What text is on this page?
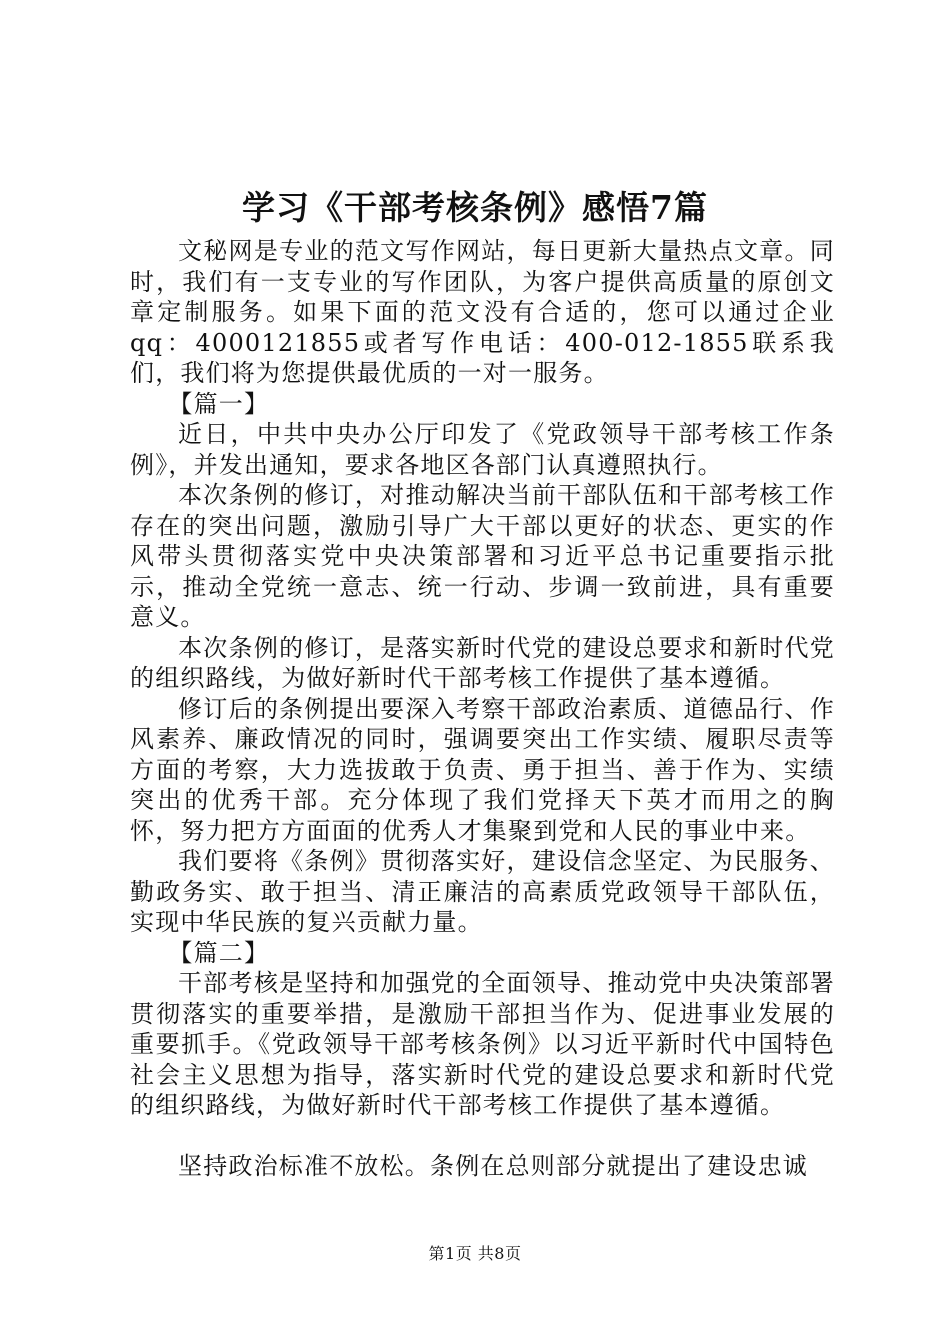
学习《干部考核条例》感悟7篇

文秘网是专业的范文写作网站，每日更新大量热点文章。同时，我们有一支专业的写作团队，为客户提供高质量的原创文章定制服务。如果下面的范文没有合适的，您可以通过企业qq：4000121855或者写作电话：400-012-1855联系我们，我们将为您提供最优质的一对一服务。

【篇一】

近日，中共中央办公厅印发了《党政领导干部考核工作条例》，并发出通知，要求各地区各部门认真遵照执行。

本次条例的修订，对推动解决当前干部队伍和干部考核工作存在的突出问题，激励引导广大干部以更好的状态、更实的作风带头贯彻落实党中央决策部署和习近平总书记重要指示批示，推动全党统一意志、统一行动、步调一致前进，具有重要意义。

本次条例的修订，是落实新时代党的建设总要求和新时代党的组织路线，为做好新时代干部考核工作提供了基本遵循。

修订后的条例提出要深入考察干部政治素质、道德品行、作风素养、廉政情况的同时，强调要突出工作实绩、履职尽责等方面的考察，大力选拔敢于负责、勇于担当、善于作为、实绩突出的优秀干部。充分体现了我们党择天下英才而用之的胸怀，努力把方方面面的优秀人才集聚到党和人民的事业中来。

我们要将《条例》贯彻落实好，建设信念坚定、为民服务、勤政务实、敢于担当、清正廉洁的高素质党政领导干部队伍，实现中华民族的复兴贡献力量。

【篇二】

干部考核是坚持和加强党的全面领导、推动党中央决策部署贯彻落实的重要举措，是激励干部担当作为、促进事业发展的重要抓手。《党政领导干部考核条例》以习近平新时代中国特色社会主义思想为指导，落实新时代党的建设总要求和新时代党的组织路线，为做好新时代干部考核工作提供了基本遵循。

坚持政治标准不放松。条例在总则部分就提出了建设忠诚

第1页 共8页
